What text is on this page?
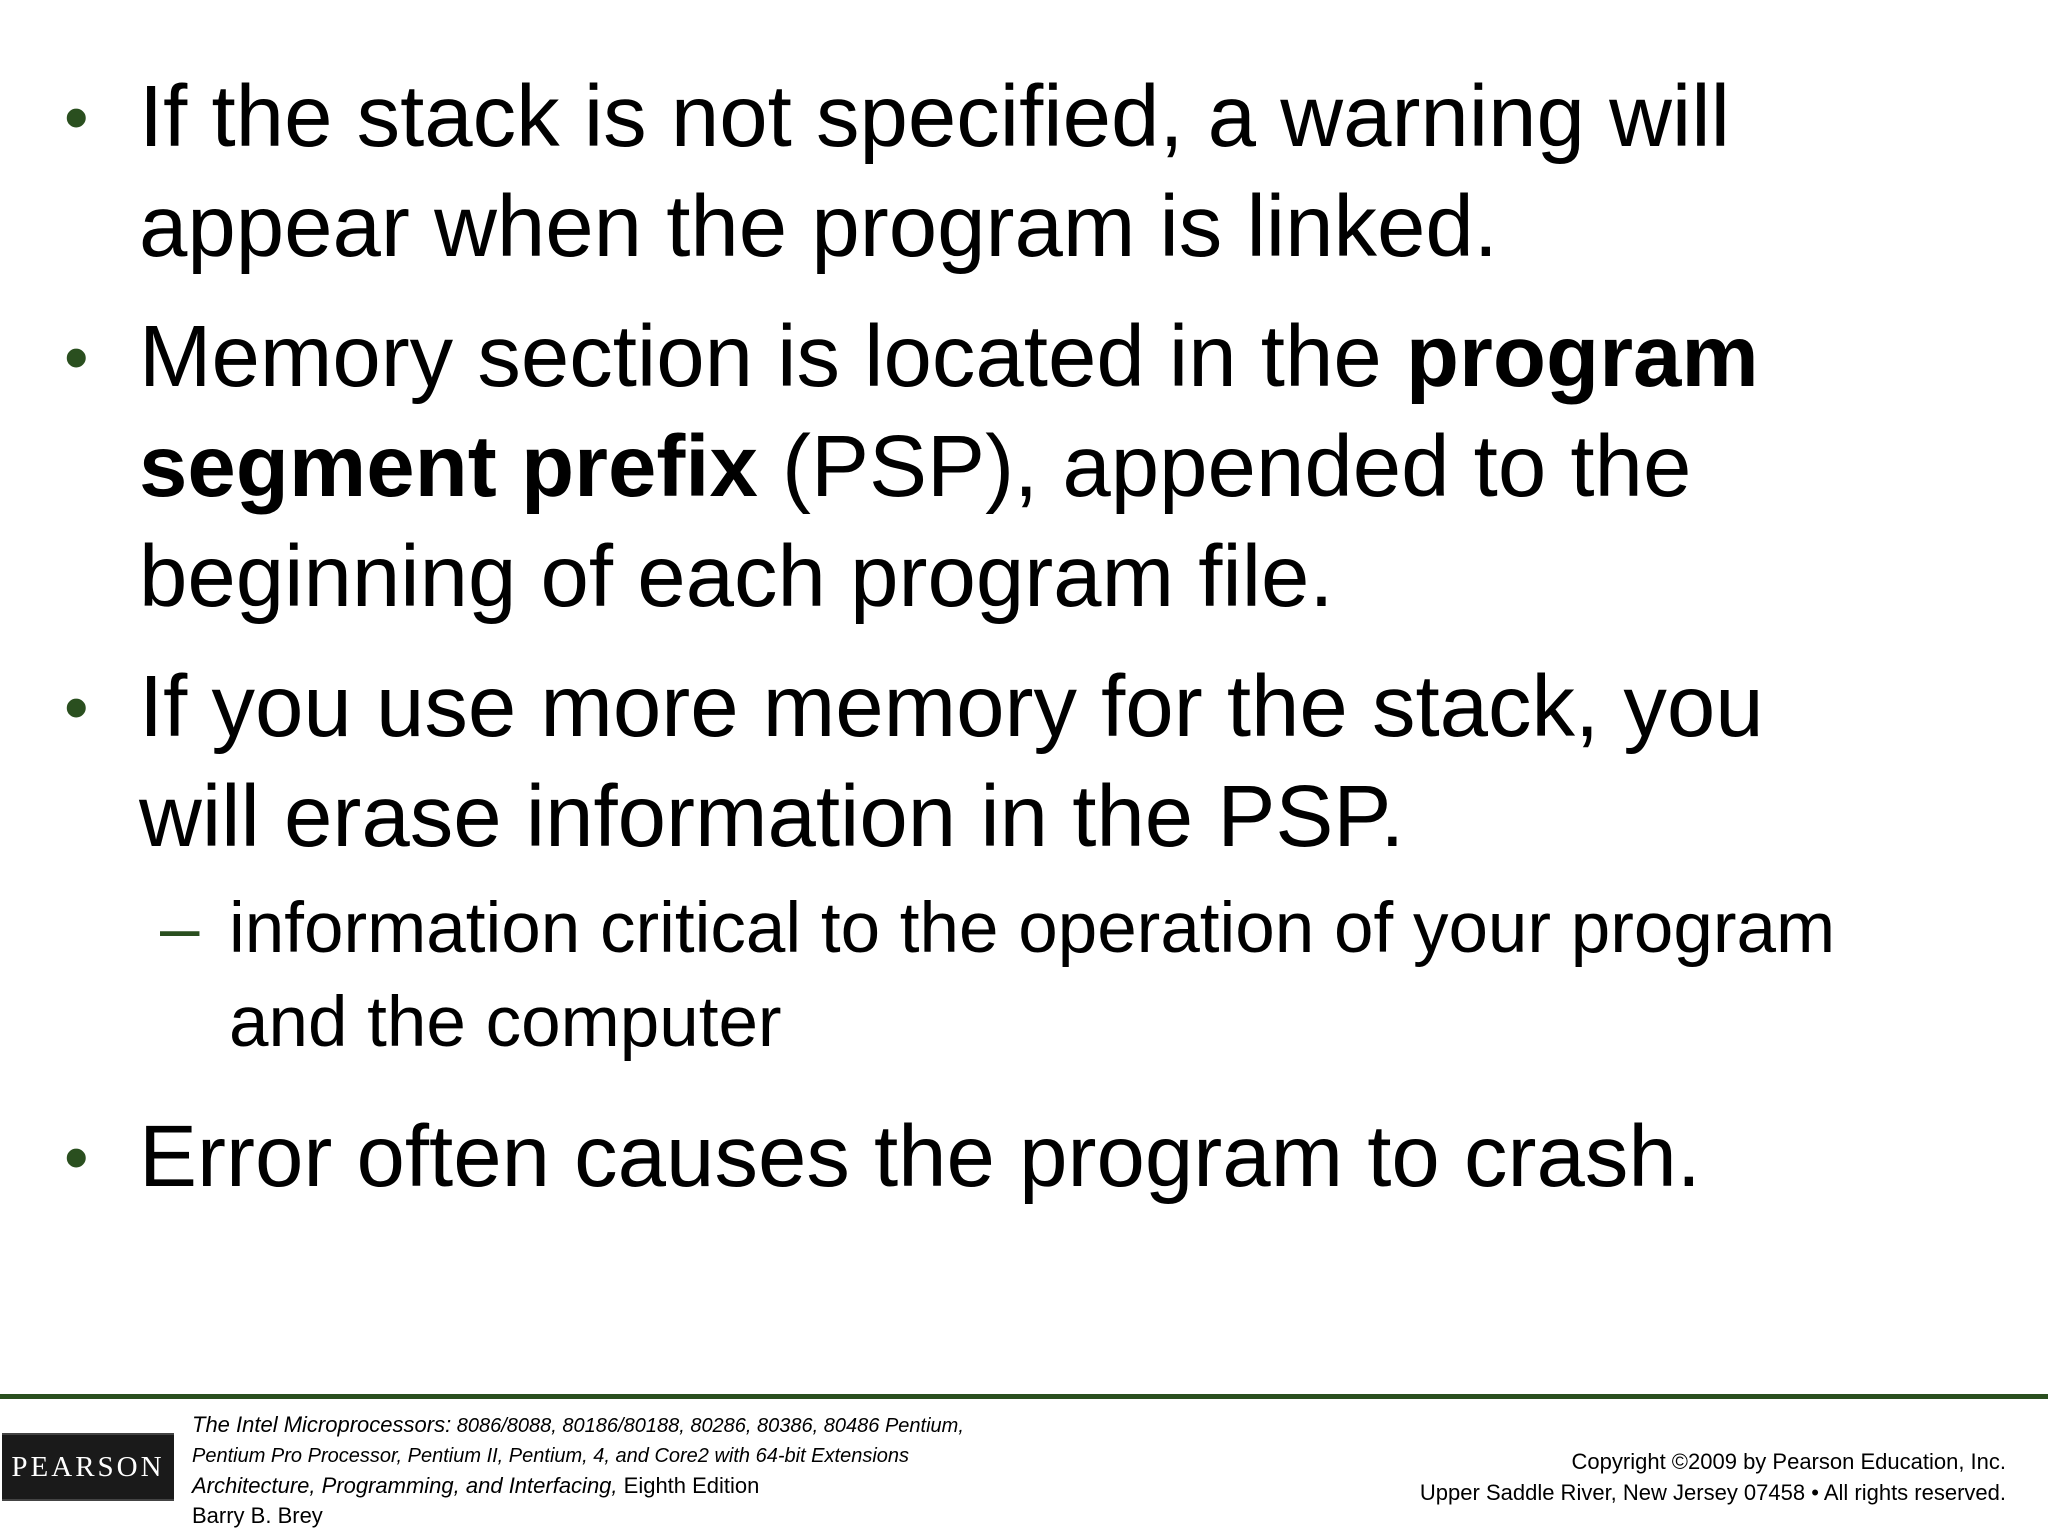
• If the stack is not specified, a warning will appear when the program is linked.
• Memory section is located in the program segment prefix (PSP), appended to the beginning of each program file.
• If you use more memory for the stack, you will erase information in the PSP.
– information critical to the operation of your program and the computer
• Error often causes the program to crash.
PEARSON
The Intel Microprocessors: 8086/8088, 80186/80188, 80286, 80386, 80486 Pentium,
Pentium Pro Processor, Pentium II, Pentium, 4, and Core2 with 64-bit Extensions
Architecture, Programming, and Interfacing, Eighth Edition
Barry B. Brey
Copyright ©2009 by Pearson Education, Inc.
Upper Saddle River, New Jersey 07458 • All rights reserved.
